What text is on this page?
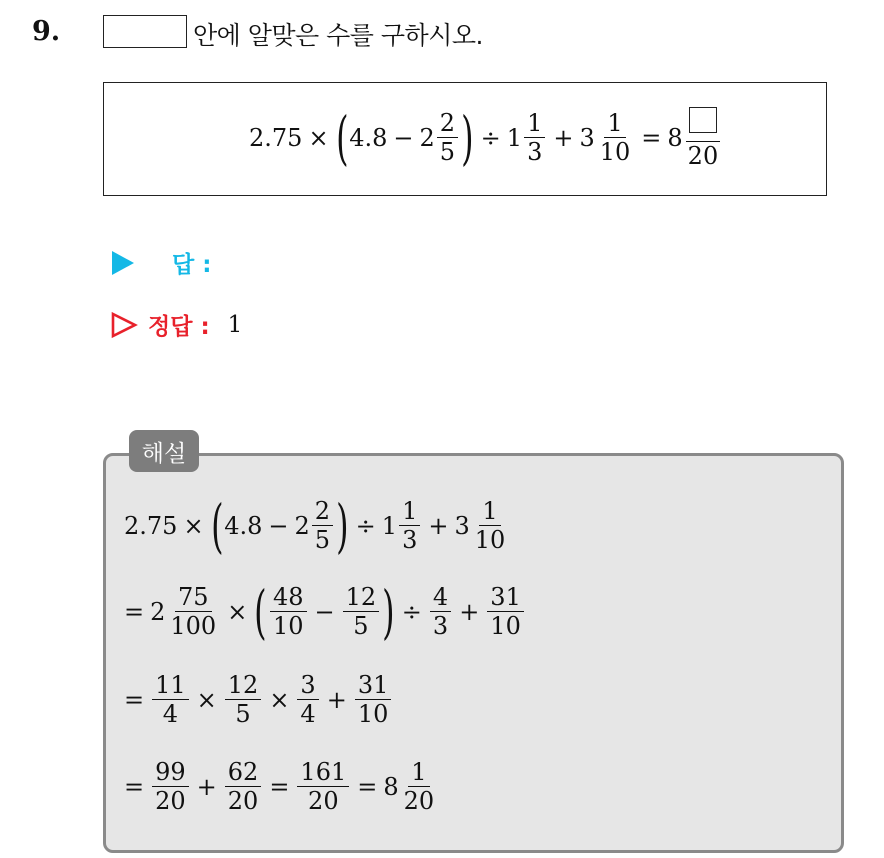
9.	안에 알맞은 수를 구하시오.
2.75 × ( $4.8 - 2 \frac{2}{5}$ ) ÷ $1 \frac{1}{3} + 3 \frac{1}{10} = 8$
20
답 :
정답 : 1
해설
2.75 × ( $4.8 - 2 \frac{2}{5}$ ) ÷ $1 \frac{1}{3} + 3 \frac{1}{10}$
= $2 \frac{75}{100}$ × ( $\frac{48}{10} - \frac{12}{5}$ ) ÷ $\frac{4}{3} + \frac{31}{10}$
= $\frac{11}{4} \times \frac{12}{5} \times \frac{3}{4} + \frac{31}{10}$
= $\frac{99}{20} + \frac{62}{20} = \frac{161}{20} = 8 \frac{1}{20}$
